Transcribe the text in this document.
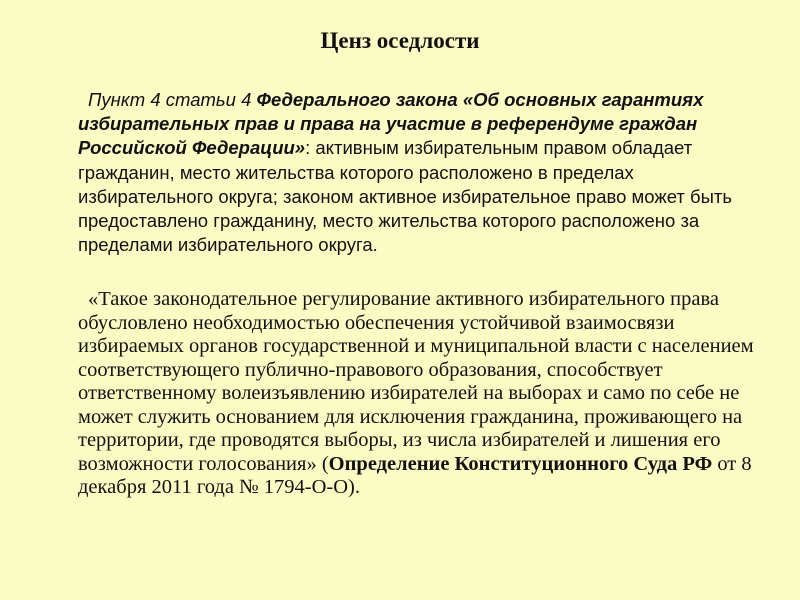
Ценз оседлости

Пункт 4 статьи 4 Федерального закона «Об основных гарантиях избирательных прав и права на участие в референдуме граждан Российской Федерации»: активным избирательным правом обладает гражданин, место жительства которого расположено в пределах избирательного округа; законом активное избирательное право может быть предоставлено гражданину, место жительства которого расположено за пределами избирательного округа.

«Такое законодательное регулирование активного избирательного права обусловлено необходимостью обеспечения устойчивой взаимосвязи избираемых органов государственной и муниципальной власти с населением соответствующего публично-правового образования, способствует ответственному волеизъявлению избирателей на выборах и само по себе не может служить основанием для исключения гражданина, проживающего на территории, где проводятся выборы, из числа избирателей и лишения его возможности голосования» (Определение Конституционного Суда РФ от 8 декабря 2011 года № 1794-О-О).
